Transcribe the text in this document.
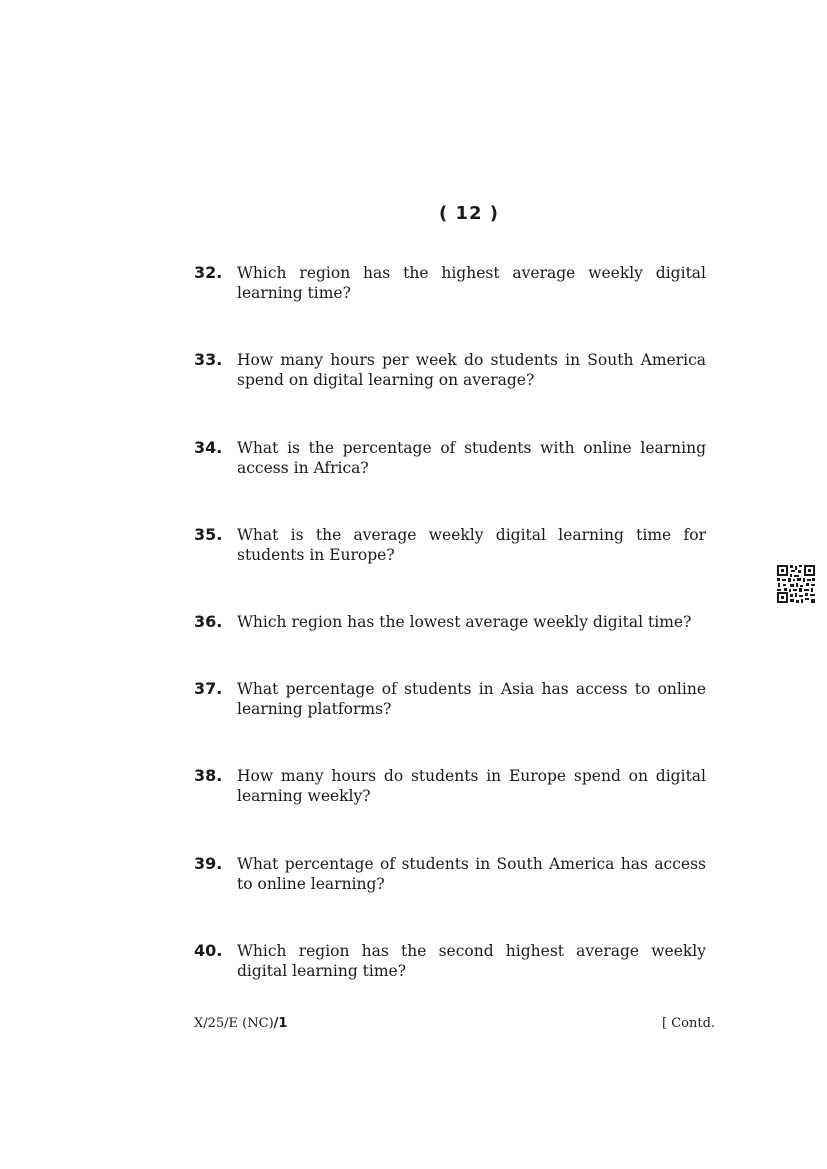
( 12 )
32. Which region has the highest average weekly digital learning time?
33. How many hours per week do students in South America spend on digital learning on average?
34. What is the percentage of students with online learning access in Africa?
35. What is the average weekly digital learning time for students in Europe?
36. Which region has the lowest average weekly digital time?
37. What percentage of students in Asia has access to online learning platforms?
38. How many hours do students in Europe spend on digital learning weekly?
39. What percentage of students in South America has access to online learning?
40. Which region has the second highest average weekly digital learning time?
X/25/E (NC)/1	[ Contd.
